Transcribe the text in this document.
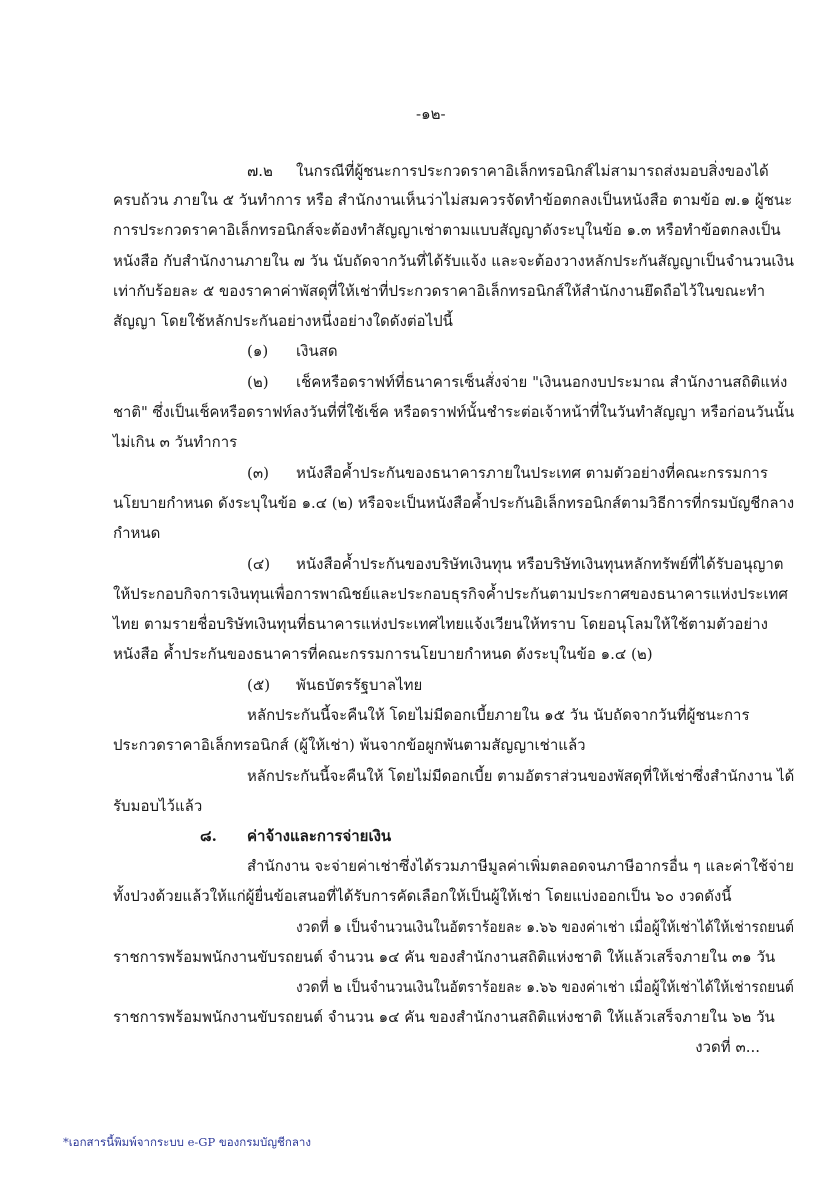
-๑๒-
๗.๒ ในกรณีที่ผู้ชนะการประกวดราคาอิเล็กทรอนิกส์ไม่สามารถส่งมอบสิ่งของได้
ครบถ้วน ภายใน ๕ วันทำการ หรือ สำนักงานเห็นว่าไม่สมควรจัดทำข้อตกลงเป็นหนังสือ ตามข้อ ๗.๑ ผู้ชนะ
การประกวดราคาอิเล็กทรอนิกส์จะต้องทำสัญญาเช่าตามแบบสัญญาดังระบุในข้อ ๑.๓ หรือทำข้อตกลงเป็น
หนังสือ กับสำนักงานภายใน ๗ วัน นับถัดจากวันที่ได้รับแจ้ง และจะต้องวางหลักประกันสัญญาเป็นจำนวนเงิน
เท่ากับร้อยละ ๕ ของราคาค่าพัสดุที่ให้เช่าที่ประกวดราคาอิเล็กทรอนิกส์ให้สำนักงานยึดถือไว้ในขณะทำ
สัญญา โดยใช้หลักประกันอย่างหนึ่งอย่างใดดังต่อไปนี้
(๑) เงินสด
(๒) เช็คหรือดราฟท์ที่ธนาคารเซ็นสั่งจ่าย "เงินนอกงบประมาณ สำนักงานสถิติแห่ง
ชาติ" ซึ่งเป็นเช็คหรือดราฟท์ลงวันที่ที่ใช้เช็ค หรือดราฟท์นั้นชำระต่อเจ้าหน้าที่ในวันทำสัญญา หรือก่อนวันนั้น
ไม่เกิน ๓ วันทำการ
(๓) หนังสือค้ำประกันของธนาคารภายในประเทศ ตามตัวอย่างที่คณะกรรมการ
นโยบายกำหนด ดังระบุในข้อ ๑.๔ (๒) หรือจะเป็นหนังสือค้ำประกันอิเล็กทรอนิกส์ตามวิธีการที่กรมบัญชีกลาง
กำหนด
(๔) หนังสือค้ำประกันของบริษัทเงินทุน หรือบริษัทเงินทุนหลักทรัพย์ที่ได้รับอนุญาต
ให้ประกอบกิจการเงินทุนเพื่อการพาณิชย์และประกอบธุรกิจค้ำประกันตามประกาศของธนาคารแห่งประเทศ
ไทย ตามรายชื่อบริษัทเงินทุนที่ธนาคารแห่งประเทศไทยแจ้งเวียนให้ทราบ โดยอนุโลมให้ใช้ตามตัวอย่าง
หนังสือ ค้ำประกันของธนาคารที่คณะกรรมการนโยบายกำหนด ดังระบุในข้อ ๑.๔ (๒)
(๕) พันธบัตรรัฐบาลไทย
หลักประกันนี้จะคืนให้ โดยไม่มีดอกเบี้ยภายใน ๑๕ วัน นับถัดจากวันที่ผู้ชนะการ
ประกวดราคาอิเล็กทรอนิกส์ (ผู้ให้เช่า) พ้นจากข้อผูกพันตามสัญญาเช่าแล้ว
หลักประกันนี้จะคืนให้ โดยไม่มีดอกเบี้ย ตามอัตราส่วนของพัสดุที่ให้เช่าซึ่งสำนักงาน ได้
รับมอบไว้แล้ว
๘. ค่าจ้างและการจ่ายเงิน
สำนักงาน จะจ่ายค่าเช่าซึ่งได้รวมภาษีมูลค่าเพิ่มตลอดจนภาษีอากรอื่น ๆ และค่าใช้จ่าย
ทั้งปวงด้วยแล้วให้แก่ผู้ยื่นข้อเสนอที่ได้รับการคัดเลือกให้เป็นผู้ให้เช่า โดยแบ่งออกเป็น ๖๐ งวดดังนี้
งวดที่ ๑ เป็นจำนวนเงินในอัตราร้อยละ ๑.๖๖ ของค่าเช่า เมื่อผู้ให้เช่าได้ให้เช่ารถยนต์
ราชการพร้อมพนักงานขับรถยนต์ จำนวน ๑๔ คัน ของสำนักงานสถิติแห่งชาติ ให้แล้วเสร็จภายใน ๓๑ วัน
งวดที่ ๒ เป็นจำนวนเงินในอัตราร้อยละ ๑.๖๖ ของค่าเช่า เมื่อผู้ให้เช่าได้ให้เช่ารถยนต์
ราชการพร้อมพนักงานขับรถยนต์ จำนวน ๑๔ คัน ของสำนักงานสถิติแห่งชาติ ให้แล้วเสร็จภายใน ๖๒ วัน
งวดที่ ๓...
*เอกสารนี้พิมพ์จากระบบ e-GP ของกรมบัญชีกลาง
